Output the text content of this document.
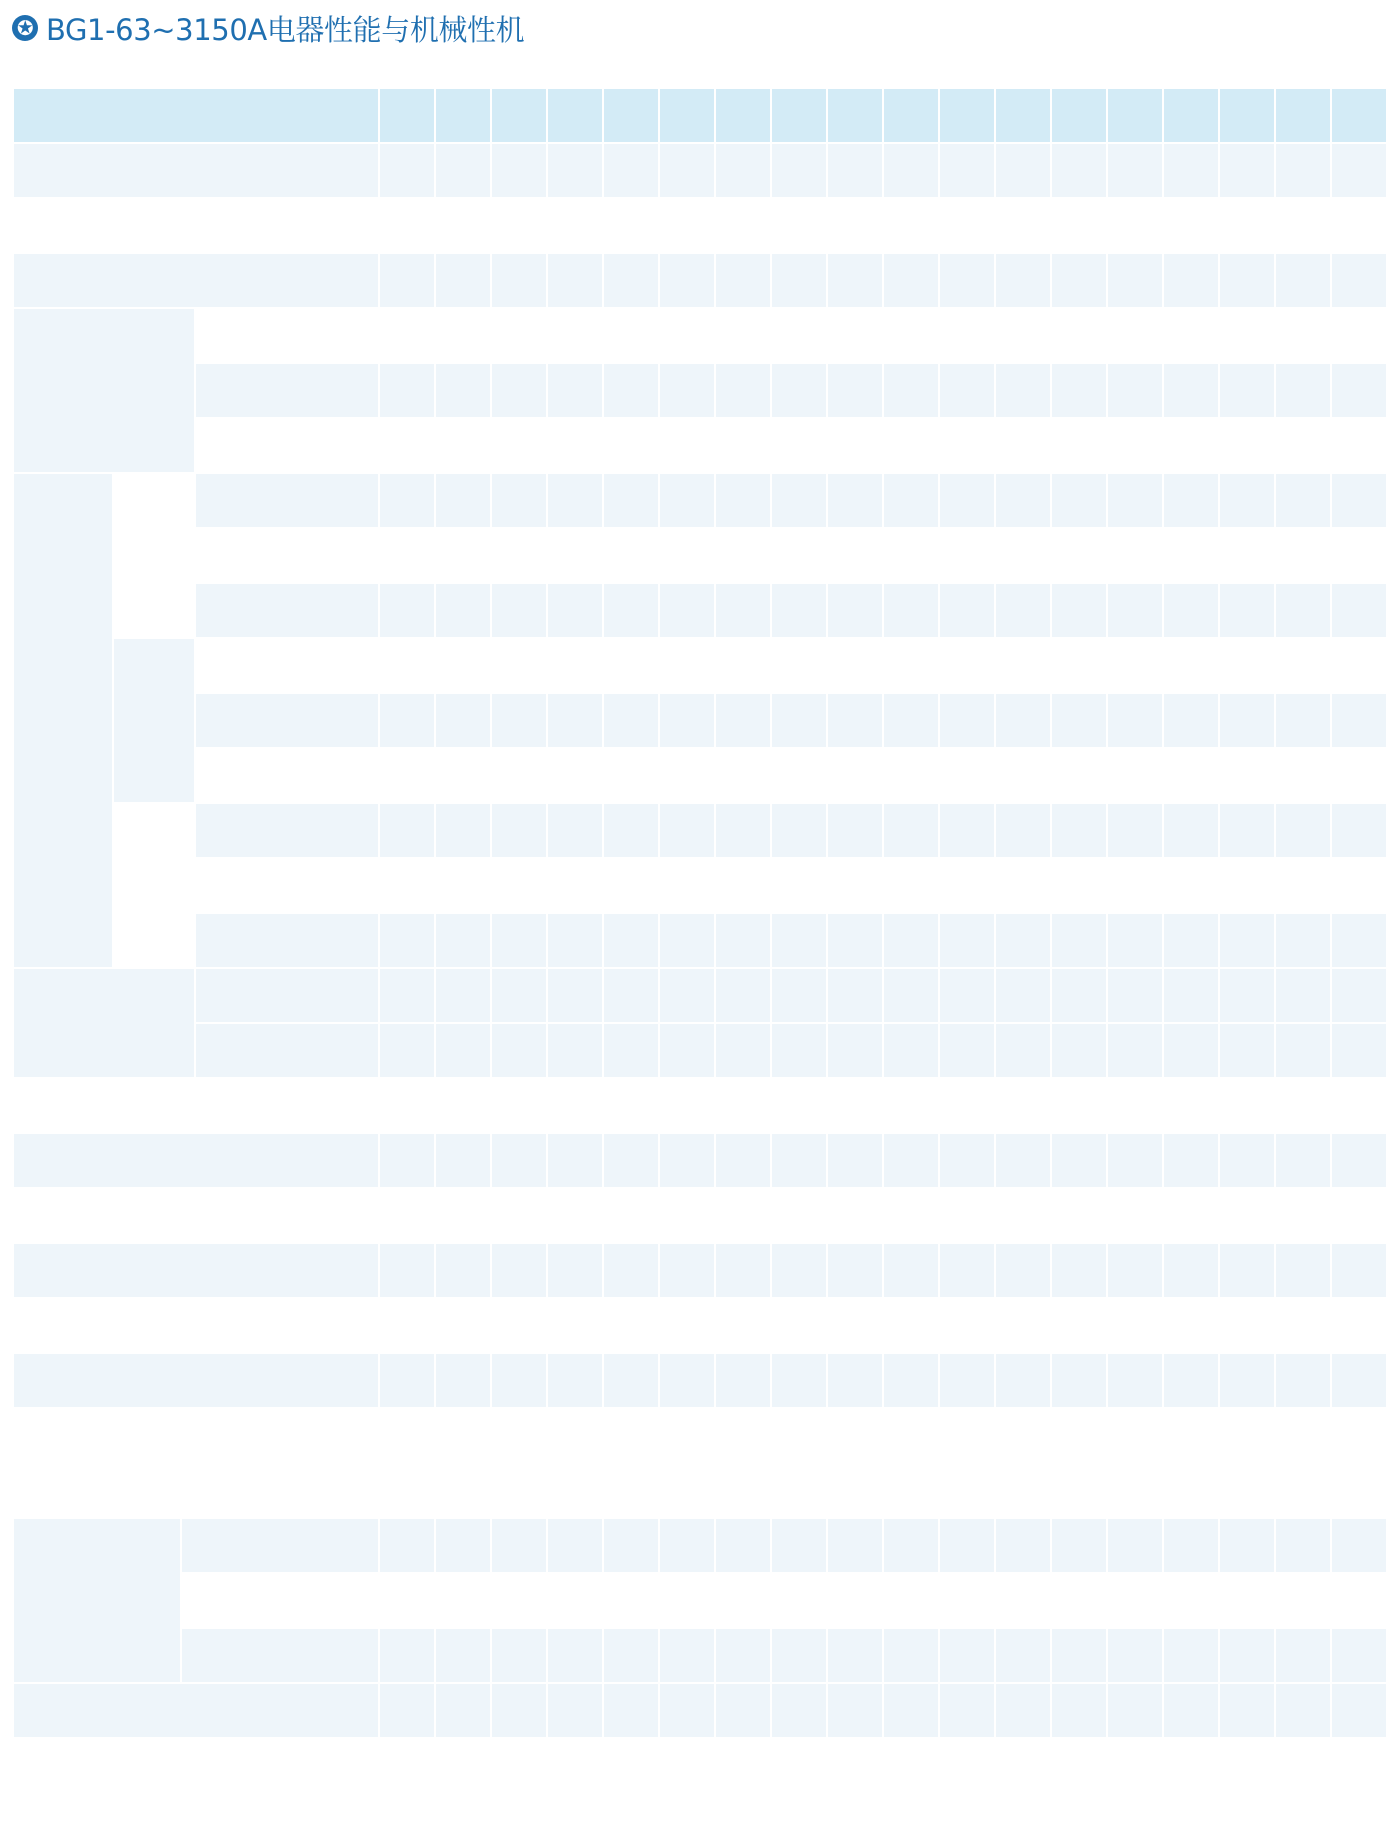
✪ BG1-63~3150A电器性能与机械性机
